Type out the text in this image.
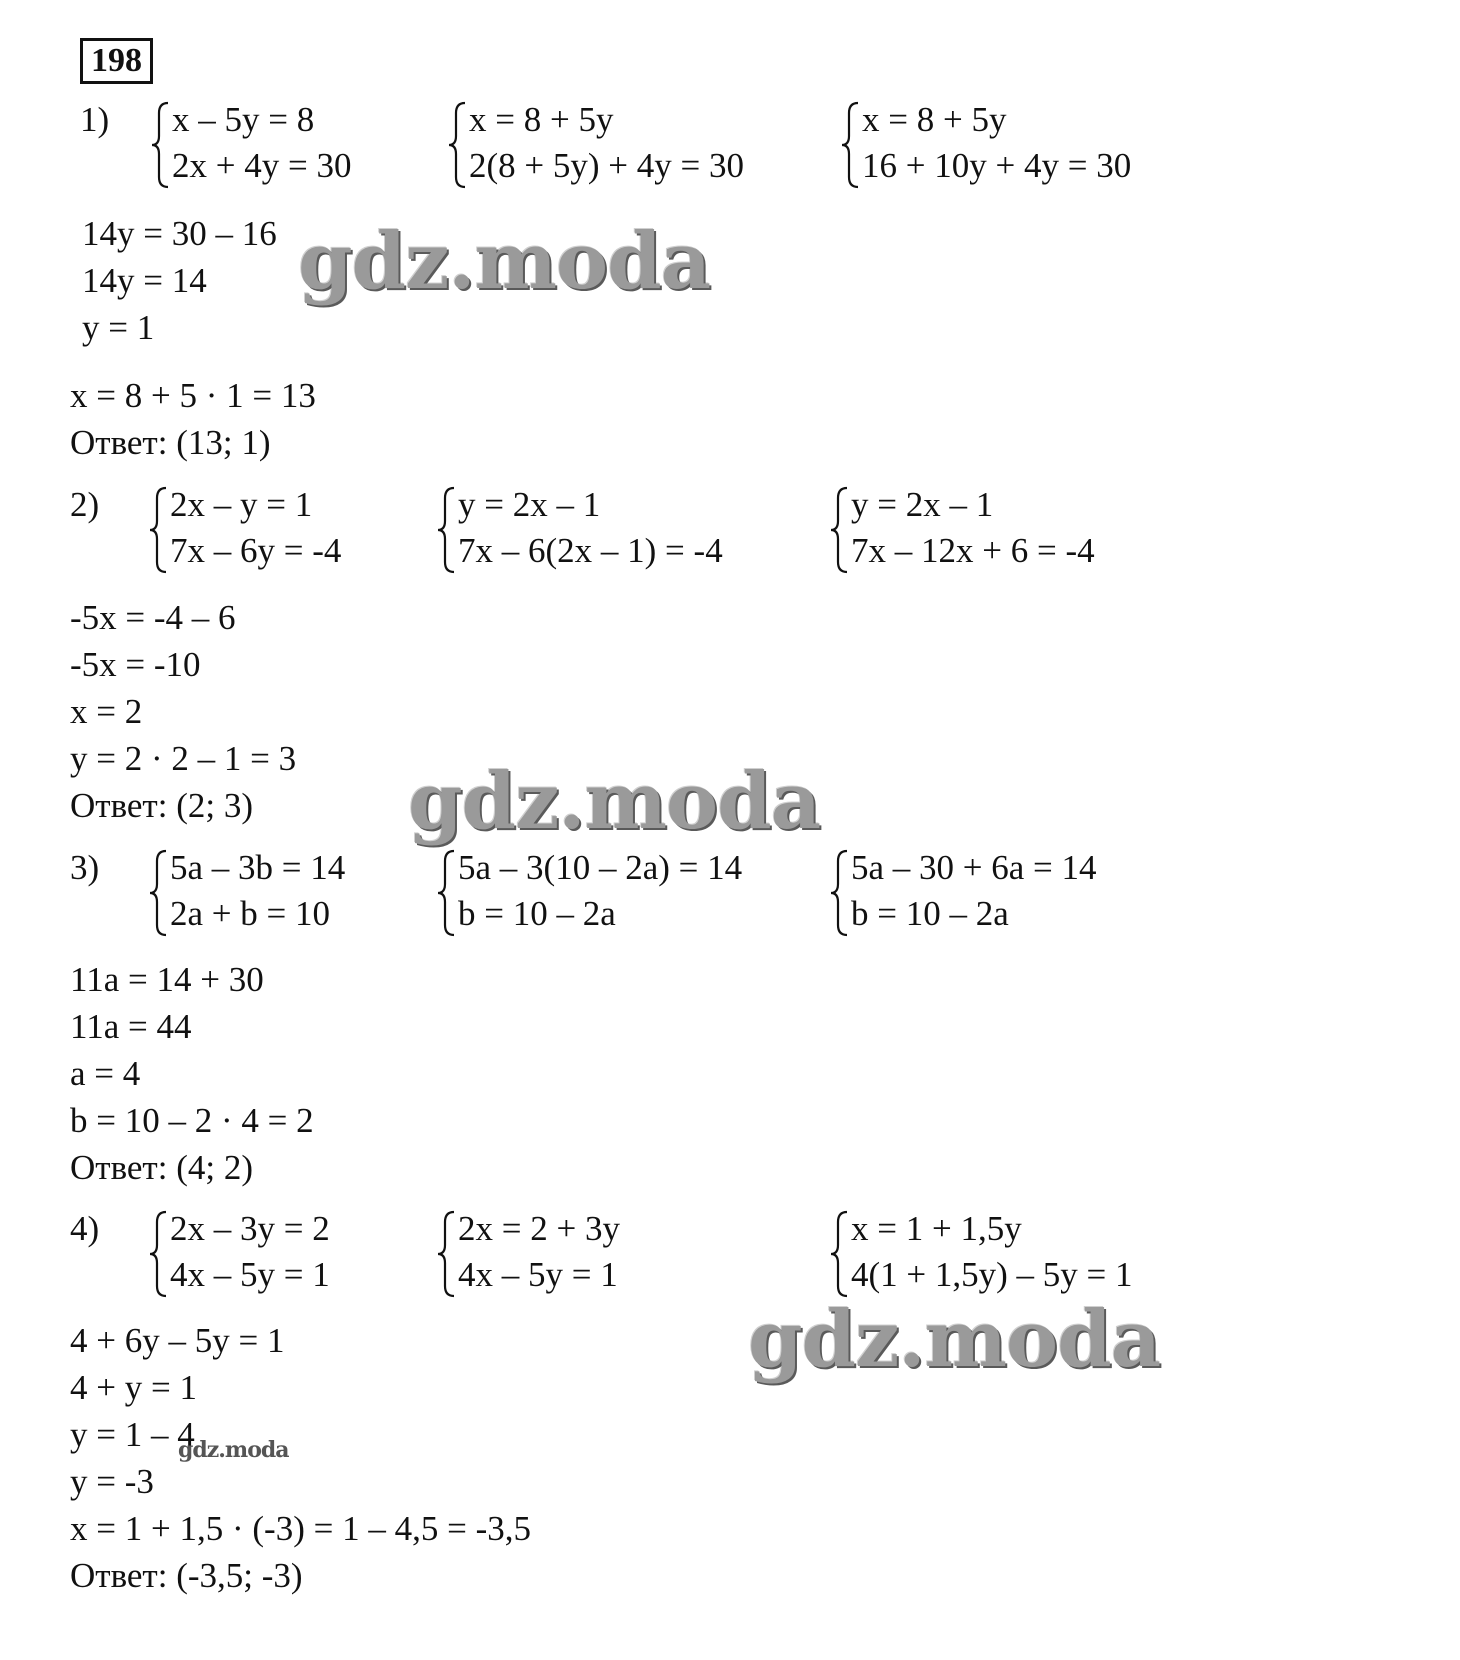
198
1) x – 5y = 8
2x + 4y = 30
x = 8 + 5y
2(8 + 5y) + 4y = 30
x = 8 + 5y
16 + 10y + 4y = 30
14y = 30 – 16
14y = 14
y = 1
x = 8 + 5 · 1 = 13
Ответ: (13; 1)
2) 2x – y = 1
7x – 6y = -4
y = 2x – 1
7x – 6(2x – 1) = -4
y = 2x – 1
7x – 12x + 6 = -4
-5x = -4 – 6
-5x = -10
x = 2
y = 2 · 2 – 1 = 3
Ответ: (2; 3)
3) 5a – 3b = 14
2a + b = 10
5a – 3(10 – 2a) = 14
b = 10 – 2a
5a – 30 + 6a = 14
b = 10 – 2a
11a = 14 + 30
11a = 44
a = 4
b = 10 – 2 · 4 = 2
Ответ: (4; 2)
4) 2x – 3y = 2
4x – 5y = 1
2x = 2 + 3y
4x – 5y = 1
x = 1 + 1,5y
4(1 + 1,5y) – 5y = 1
4 + 6y – 5y = 1
4 + y = 1
y = 1 – 4
y = -3
x = 1 + 1,5 · (-3) = 1 – 4,5 = -3,5
Ответ: (-3,5; -3)
gdz.moda
gdz.moda
gdz.moda
gdz.moda
